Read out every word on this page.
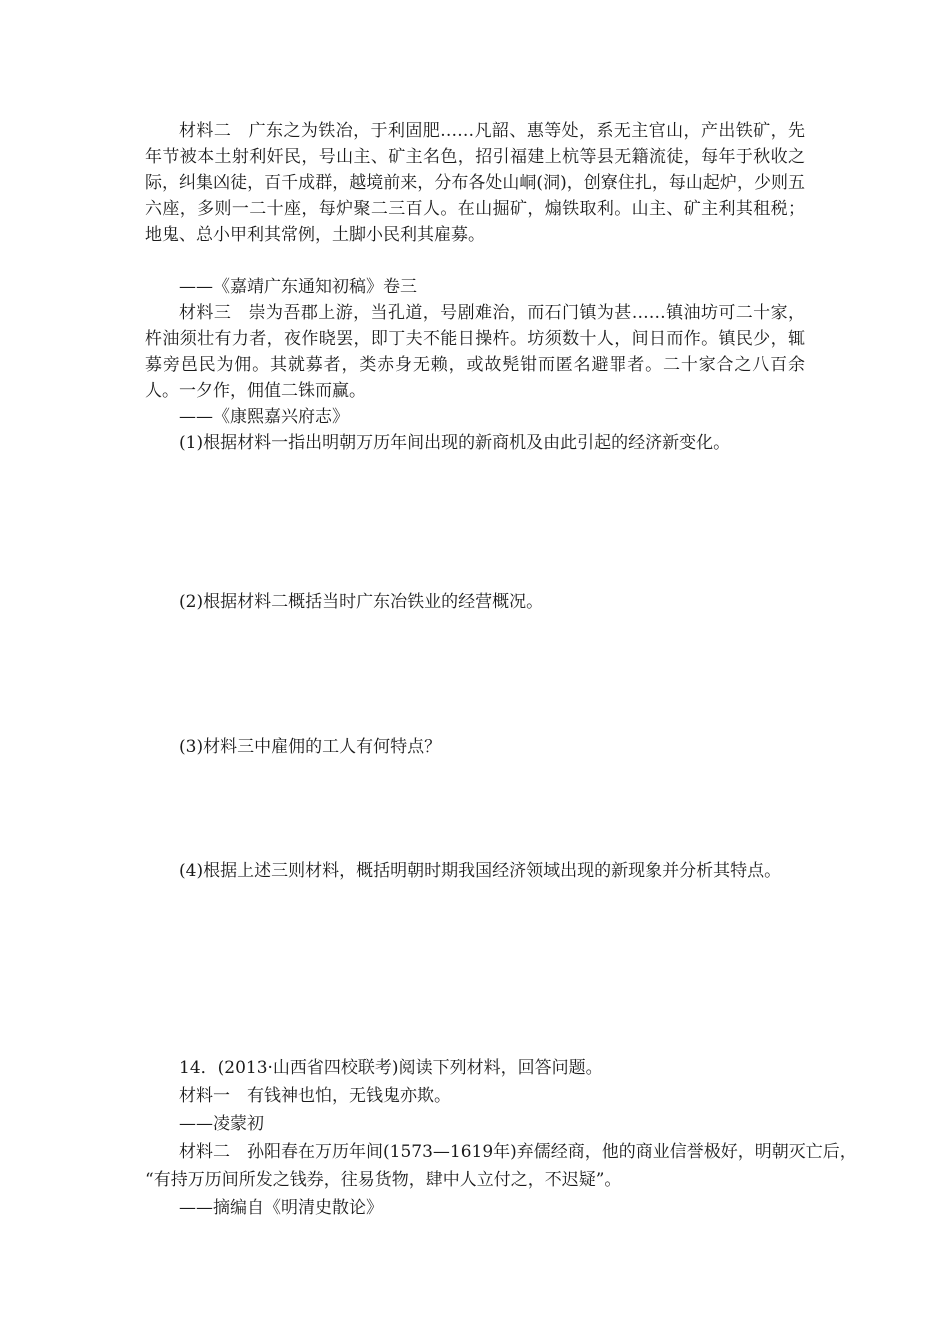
材料二　广东之为铁冶，于利固肥……凡韶、惠等处，系无主官山，产出铁矿，先年节被本土射利奸民，号山主、矿主名色，招引福建上杭等县无籍流徒，每年于秋收之际，纠集凶徒，百千成群，越境前来，分布各处山峒(洞)，创寮住扎，每山起炉，少则五六座，多则一二十座，每炉聚二三百人。在山掘矿，煽铁取利。山主、矿主利其租税；地鬼、总小甲利其常例，土脚小民利其雇募。
——《嘉靖广东通知初稿》卷三
材料三　崇为吾郡上游，当孔道，号剧难治，而石门镇为甚……镇油坊可二十家，杵油须壮有力者，夜作晓罢，即丁夫不能日操杵。坊须数十人，间日而作。镇民少，辄募旁邑民为佣。其就募者，类赤身无赖，或故髡钳而匿名避罪者。二十家合之八百余人。一夕作，佣值二铢而赢。
——《康熙嘉兴府志》
(1)根据材料一指出明朝万历年间出现的新商机及由此引起的经济新变化。
(2)根据材料二概括当时广东冶铁业的经营概况。
(3)材料三中雇佣的工人有何特点？
(4)根据上述三则材料，概括明朝时期我国经济领域出现的新现象并分析其特点。
14．(2013·山西省四校联考)阅读下列材料，回答问题。
材料一　有钱神也怕，无钱鬼亦欺。
——凌蒙初
材料二　孙阳春在万历年间(1573—1619年)弃儒经商，他的商业信誉极好，明朝灭亡后，
“有持万历间所发之钱券，往易货物，肆中人立付之，不迟疑”。
——摘编自《明清史散论》
